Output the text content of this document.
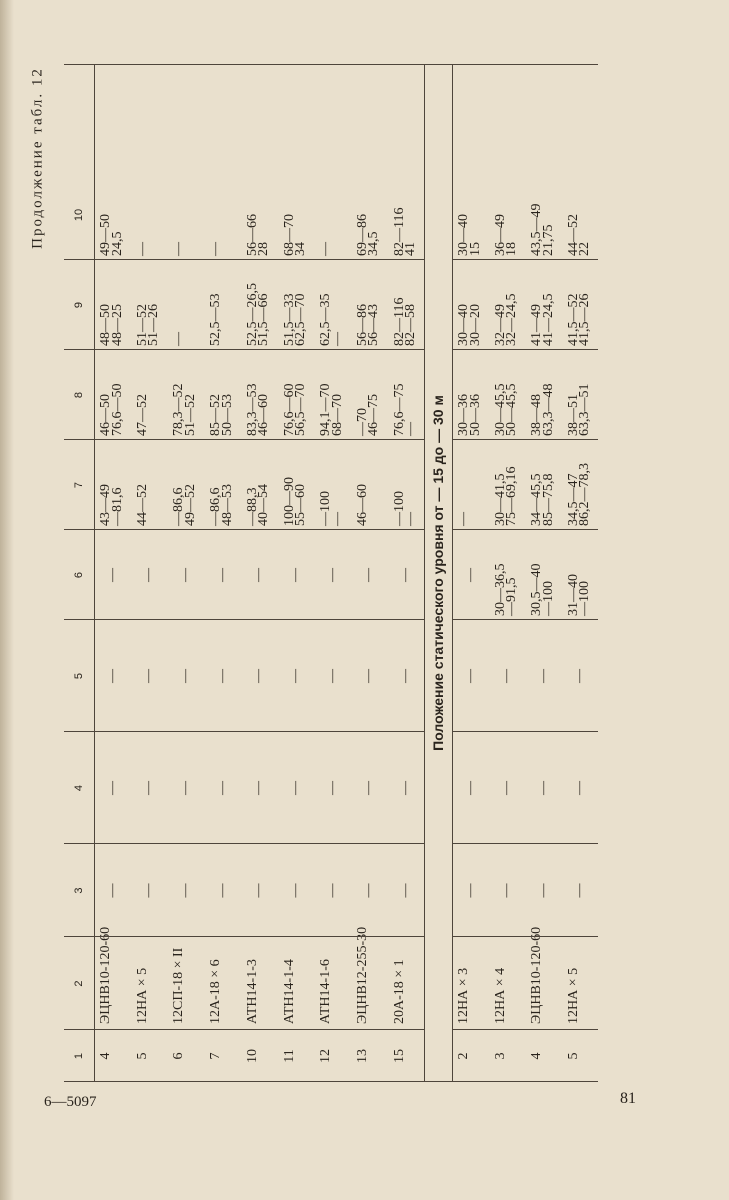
Продолжение табл. 12
6—5097	81
1
2
3
4
5
6
7
8
9
10
4
ЭЦНВ10-120-60
—
—
—
—
43—49
—81,6
46—50
76,6—50
48—50
48—25
49—50
24,5
5
12НА × 5
—
—
—
—
44—52
47—52
51—52
51—26
—
6
12СП-18 × II
—
—
—
—
—86,6
49—52
78,3—52
51—52
—
—
7
12А-18 × 6
—
—
—
—
—86,6
48—53
85—52
50—53
52,5—53
—
10
АТН14-1-3
—
—
—
—
—88,3
40—54
83,3—53
46—60
52,5—26,5
51,5—66
56—66
28
11
АТН14-1-4
—
—
—
—
100—90
55—60
76,6—60
56,5—70
51,5—33
62,5—70
68—70
34
12
АТН14-1-6
—
—
—
—
—100
—
94,1—70
68—70
62,5—35
—
—
13
ЭЦНВ12-255-30
—
—
—
—
46—60
—70
46—75
56—86
56—43
69—86
34,5
15
20А-18 × 1
—
—
—
—
—100
—
76,6—75
—
82—116
82—58
82—116
41
Положение статического уровня от — 15 до — 30 м
2
12НА × 3
—
—
—
—
—
30—36
50—36
30—40
30—20
30—40
15
3
12НА × 4
—
—
—
30—36,5
—91,5
30—41,5
75—69,16
30—45,5
50—45,5
32—49
32—24,5
36—49
18
4
ЭЦНВ10-120-60
—
—
—
30,5—40
—100
34—45,5
85—75,8
38—48
63,3—48
41—49
41—24,5
43,5—49
21,75
5
12НА × 5
—
—
—
31—40
—100
34,5—47
86,2—78,3
38—51
63,3—51
41,5—52
41,5—26
44—52
22
